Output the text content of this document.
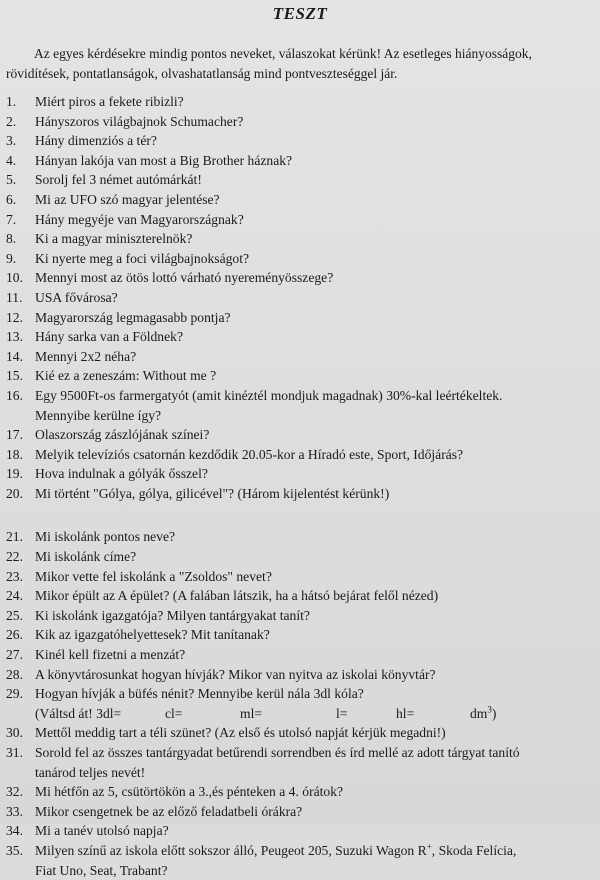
TESZT
Az egyes kérdésekre mindig pontos neveket, válaszokat kérünk! Az esetleges hiányosságok, rövidítések, pontatlanságok, olvashatatlanság mind pontveszteséggel jár.
1.	Miért piros a fekete ribizli?
2.	Hányszoros világbajnok Schumacher?
3.	Hány dimenziós a tér?
4.	Hányan lakója van most a Big Brother háznak?
5.	Sorolj fel 3 német autómárkát!
6.	Mi az UFO szó magyar jelentése?
7.	Hány megyéje van Magyarországnak?
8.	Ki a magyar miniszterelnök?
9.	Ki nyerte meg a foci világbajnokságot?
10. Mennyi most az ötös lottó várható nyereményösszege?
11. USA fővárosa?
12. Magyarország legmagasabb pontja?
13. Hány sarka van a Földnek?
14. Mennyi 2x2 néha?
15. Kié ez a zeneszám: Without me ?
16. Egy 9500Ft-os farmergatyót (amit kinéztél mondjuk magadnak) 30%-kal leértékeltek.
Mennyibe kerülne így?
17. Olaszország zászlójának színei?
18. Melyik televíziós csatornán kezdődik 20.05-kor a Híradó este, Sport, Időjárás?
19. Hova indulnak a gólyák ősszel?
20. Mi történt "Gólya, gólya, gilicével"? (Három kijelentést kérünk!)
21. Mi iskolánk pontos neve?
22. Mi iskolánk címe?
23. Mikor vette fel iskolánk a "Zsoldos" nevet?
24. Mikor épült az A épület? (A falában látszik, ha a hátsó bejárat felől nézed)
25. Ki iskolánk igazgatója? Milyen tantárgyakat tanít?
26. Kik az igazgatóhelyettesek? Mit tanítanak?
27. Kinél kell fizetni a menzát?
28. A könyvtárosunkat hogyan hívják? Mikor van nyitva az iskolai könyvtár?
29. Hogyan hívják a büfés nénit? Mennyibe kerül nála 3dl kóla?
(Váltsd át! 3dl=	cl=	ml=	l=	hl=	$dm^3$)
30. Mettől meddig tart a téli szünet? (Az első és utolsó napját kérjük megadni!)
31. Sorold fel az összes tantárgyadat betűrendi sorrendben és írd mellé az adott tárgyat tanító
tanárod teljes nevét!
32. Mi hétfőn az 5, csütörtökön a 3.,és pénteken a 4. órátok?
33. Mikor csengetnek be az előző feladatbeli órákra?
34. Mi a tanév utolsó napja?
35. Milyen színű az iskola előtt sokszor álló, Peugeot 205, Suzuki Wagon R+, Skoda Felícia,
Fiat Uno, Seat, Trabant?
